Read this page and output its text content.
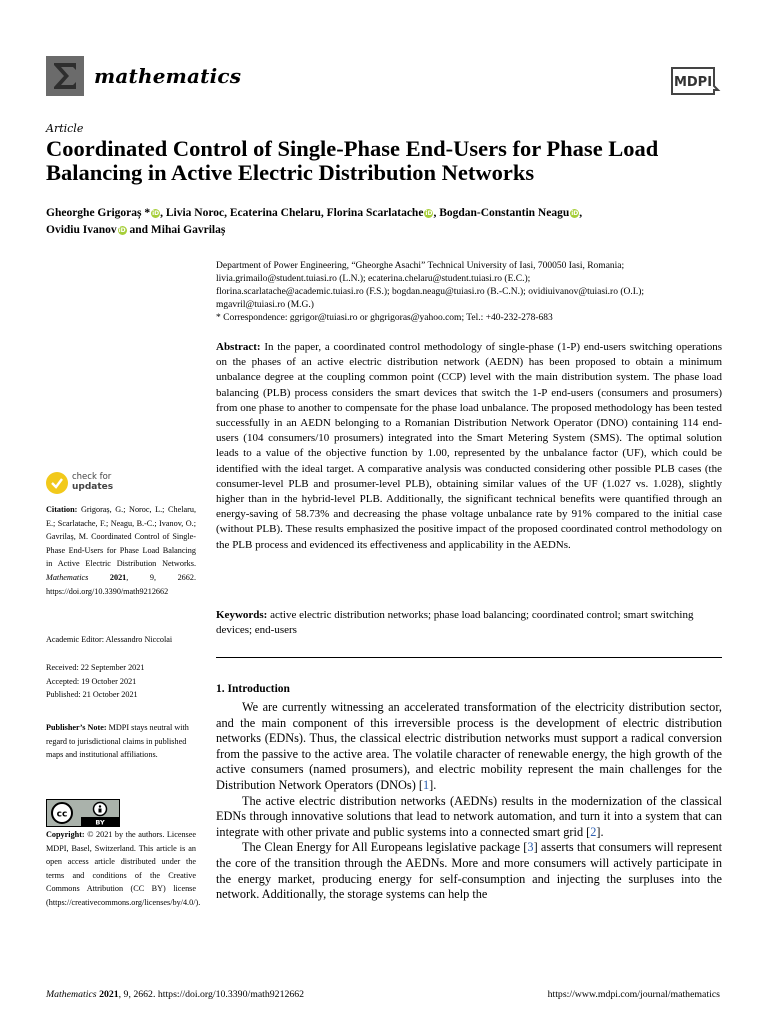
mathematics	MDPI
Article
Coordinated Control of Single-Phase End-Users for Phase Load Balancing in Active Electric Distribution Networks
Gheorghe Grigoraș * iD, Livia Noroc, Ecaterina Chelaru, Florina Scarlatache iD, Bogdan-Constantin Neagu iD,
Ovidiu Ivanov iD and Mihai Gavrilaș

Department of Power Engineering, “Gheorghe Asachi” Technical University of Iasi, 700050 Iasi, Romania;

livia.grimailo@student.tuiasi.ro (L.N.); ecaterina.chelaru@student.tuiasi.ro (E.C.);

florina.scarlatache@academic.tuiasi.ro (F.S.); bogdan.neagu@tuiasi.ro (B.-C.N.); ovidiuivanov@tuiasi.ro (O.I.);

mgavril@tuiasi.ro (M.G.)

* Correspondence: ggrigor@tuiasi.ro or ghgrigoras@yahoo.com; Tel.: +40-232-278-683

Abstract: In the paper, a coordinated control methodology of single-phase (1-P) end-users switching operations on the phases of an active electric distribution network (AEDN) has been proposed to obtain a minimum unbalance degree at the coupling common point (CCP) level with the main distribution system. The phase load balancing (PLB) process considers the smart devices that switch the 1-P end-users (consumers and prosumers) from one phase to another to compensate for the phase load unbalance. The proposed methodology has been tested successfully in an AEDN belonging to a Romanian Distribution Network Operator (DNO) containing 114 end-users (104 consumers/10 prosumers) integrated into the Smart Metering System (SMS). The optimal solution leads to a value of the objective function by 1.00, represented by the unbalance factor (UF), which could be identified with the ideal target. A comparative analysis was conducted considering other possible PLB cases (the consumer-level PLB and prosumer-level PLB), obtaining similar values of the UF (1.027 vs. 1.028), slightly higher than in the hybrid-level PLB. Additionally, the significant technical benefits were quantified through an energy-saving of 58.73% and decreasing the phase voltage unbalance rate by 91% compared to the initial case (without PLB). These results emphasized the positive impact of the proposed coordinated control methodology on the PLB process and evidenced its effectiveness and applicability in the AEDNs.

Keywords: active electric distribution networks; phase load balancing; coordinated control; smart switching devices; end-users

1. Introduction

We are currently witnessing an accelerated transformation of the electricity distribution sector, and the main component of this irreversible process is the development of electric distribution networks (EDNs). Thus, the classical electric distribution networks must support a radical conversion from the passive to the active area. The volatile character of renewable energy, the high growth of the active consumers (named prosumers), and electric mobility represent the main challenges for the Distribution Network Operators (DNOs) [1].

The active electric distribution networks (AEDNs) results in the modernization of the classical EDNs through innovative solutions that lead to network automation, and turn it into a system that can integrate with other private and public systems into a connected smart grid [2].

The Clean Energy for All Europeans legislative package [3] asserts that consumers will represent the core of the transition through the AEDNs. More and more consumers will actively participate in the energy market, producing energy for self-consumption and injecting the surpluses into the network. Additionally, the storage systems can help the

check for
updates

Citation: Grigoraș, G.; Noroc, L.; Chelaru, E.; Scarlatache, F.; Neagu, B.-C.; Ivanov, O.; Gavrilaș, M. Coordinated Control of Single-Phase End-Users for Phase Load Balancing in Active Electric Distribution Networks. Mathematics	2021, 9, 2662. https://doi.org/10.3390/math9212662

Academic Editor: Alessandro Niccolai

Received: 22 September 2021
Accepted: 19 October 2021
Published: 21 October 2021

Publisher’s Note: MDPI stays neutral with regard to jurisdictional claims in published maps and institutional affiliations.

cc
BY

Copyright: © 2021 by the authors. Licensee MDPI, Basel, Switzerland. This article is an open access article distributed under the terms and conditions of the Creative Commons Attribution (CC BY) license (https://creativecommons.org/licenses/by/4.0/).

Mathematics 2021, 9, 2662. https://doi.org/10.3390/math9212662	https://www.mdpi.com/journal/mathematics
